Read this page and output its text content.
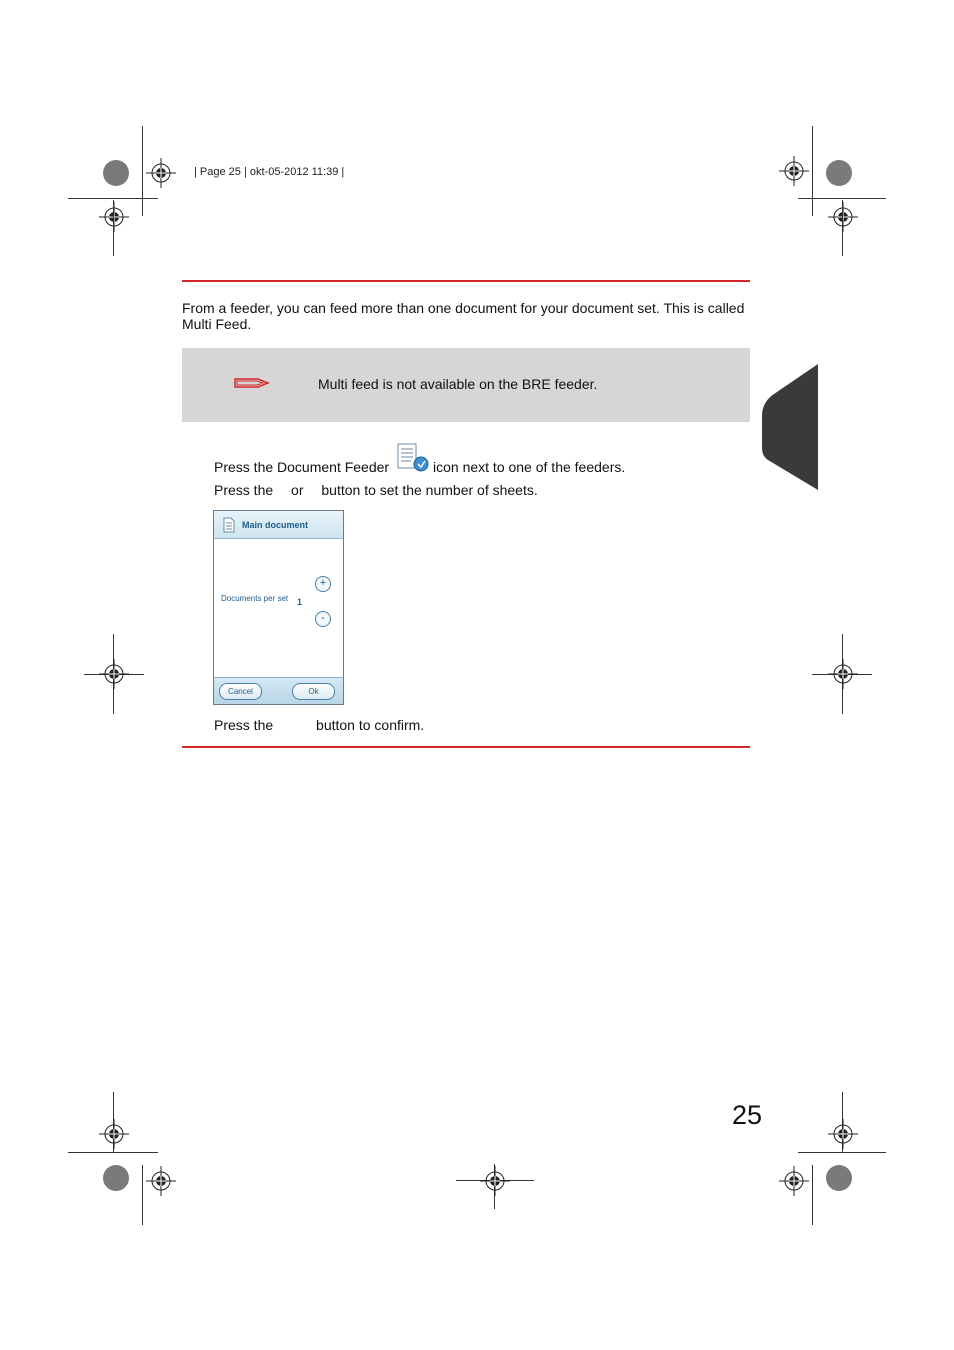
| Page 25 | okt-05-2012 11:39 |
From a feeder, you can feed more than one document for your document set. This is called Multi Feed.
Multi feed is not available on the BRE feeder.
Press the Document Feeder	icon next to one of the feeders.
Press the or button to set the number of sheets.
Main document
+
Documents per set 1
-
Cancel	Ok
Press the	button to confirm.
25
